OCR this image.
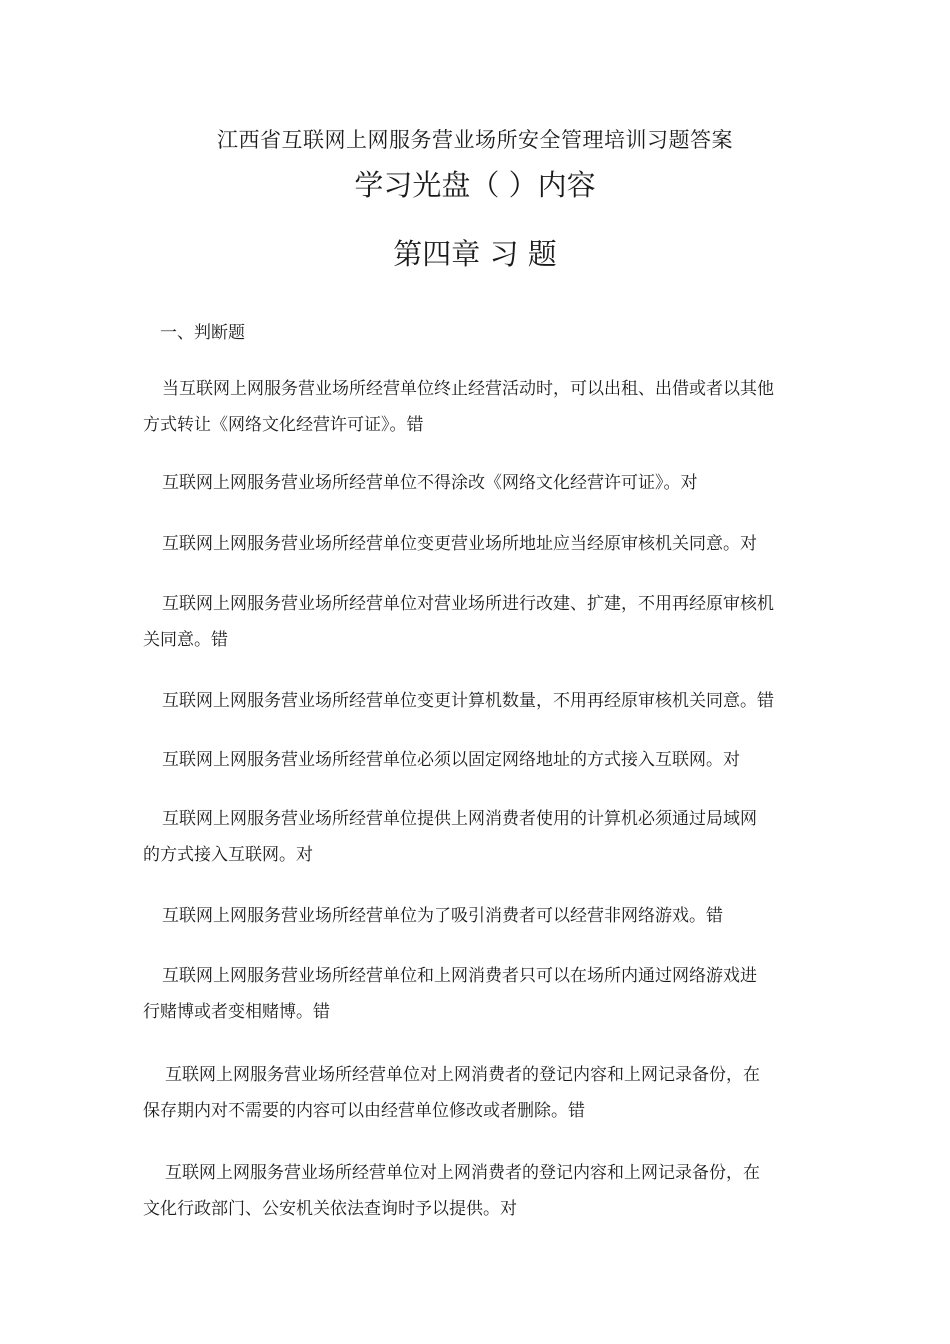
江西省互联网上网服务营业场所安全管理培训习题答案
学习光盘（ ）内容
第四章 习 题
一、判断题
当互联网上网服务营业场所经营单位终止经营活动时，可以出租、出借或者以其他
方式转让《网络文化经营许可证》。错
互联网上网服务营业场所经营单位不得涂改《网络文化经营许可证》。对
互联网上网服务营业场所经营单位变更营业场所地址应当经原审核机关同意。对
互联网上网服务营业场所经营单位对营业场所进行改建、扩建，不用再经原审核机
关同意。错
互联网上网服务营业场所经营单位变更计算机数量，不用再经原审核机关同意。错
互联网上网服务营业场所经营单位必须以固定网络地址的方式接入互联网。对
互联网上网服务营业场所经营单位提供上网消费者使用的计算机必须通过局域网
的方式接入互联网。对
互联网上网服务营业场所经营单位为了吸引消费者可以经营非网络游戏。错
互联网上网服务营业场所经营单位和上网消费者只可以在场所内通过网络游戏进
行赌博或者变相赌博。错
互联网上网服务营业场所经营单位对上网消费者的登记内容和上网记录备份，在
保存期内对不需要的内容可以由经营单位修改或者删除。错
互联网上网服务营业场所经营单位对上网消费者的登记内容和上网记录备份，在
文化行政部门、公安机关依法查询时予以提供。对
